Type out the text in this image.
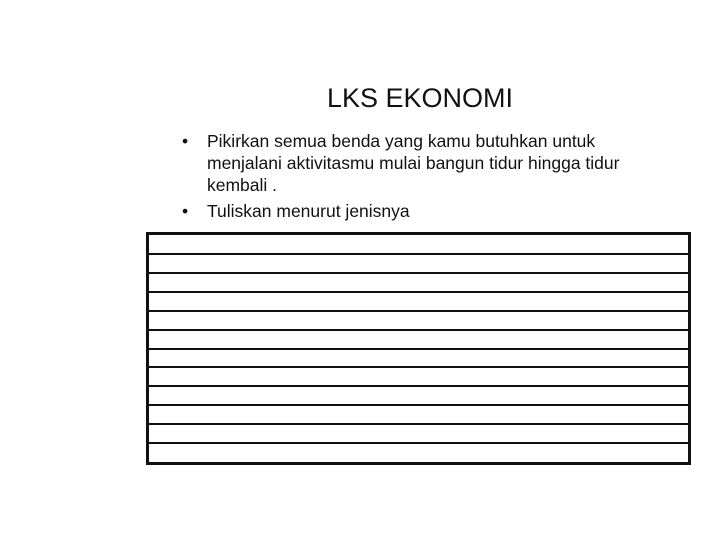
LKS EKONOMI
• Pikirkan semua benda yang kamu butuhkan untuk menjalani aktivitasmu mulai bangun tidur hingga tidur kembali .
• Tuliskan menurut jenisnya
